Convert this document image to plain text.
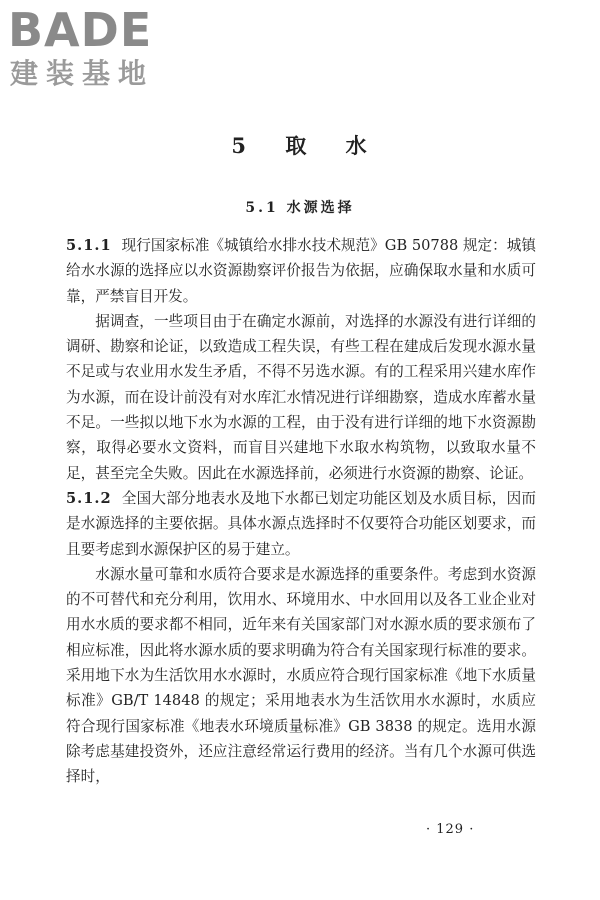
BADE
建装基地
5 取 水
5.1 水源选择

5.1.1 现行国家标准《城镇给水排水技术规范》GB 50788 规定：城镇给水水源的选择应以水资源勘察评价报告为依据，应确保取水量和水质可靠，严禁盲目开发。

据调查，一些项目由于在确定水源前，对选择的水源没有进行详细的调研、勘察和论证，以致造成工程失误，有些工程在建成后发现水源水量不足或与农业用水发生矛盾，不得不另选水源。有的工程采用兴建水库作为水源，而在设计前没有对水库汇水情况进行详细勘察，造成水库蓄水量不足。一些拟以地下水为水源的工程，由于没有进行详细的地下水资源勘察，取得必要水文资料，而盲目兴建地下水取水构筑物，以致取水量不足，甚至完全失败。因此在水源选择前，必须进行水资源的勘察、论证。

5.1.2 全国大部分地表水及地下水都已划定功能区划及水质目标，因而是水源选择的主要依据。具体水源点选择时不仅要符合功能区划要求，而且要考虑到水源保护区的易于建立。

水源水量可靠和水质符合要求是水源选择的重要条件。考虑到水资源的不可替代和充分利用，饮用水、环境用水、中水回用以及各工业企业对用水水质的要求都不相同，近年来有关国家部门对水源水质的要求颁布了相应标准，因此将水源水质的要求明确为符合有关国家现行标准的要求。采用地下水为生活饮用水水源时，水质应符合现行国家标准《地下水质量标准》GB/T 14848 的规定；采用地表水为生活饮用水水源时，水质应符合现行国家标准《地表水环境质量标准》GB 3838 的规定。选用水源除考虑基建投资外，还应注意经常运行费用的经济。当有几个水源可供选择时，

· 129 ·
